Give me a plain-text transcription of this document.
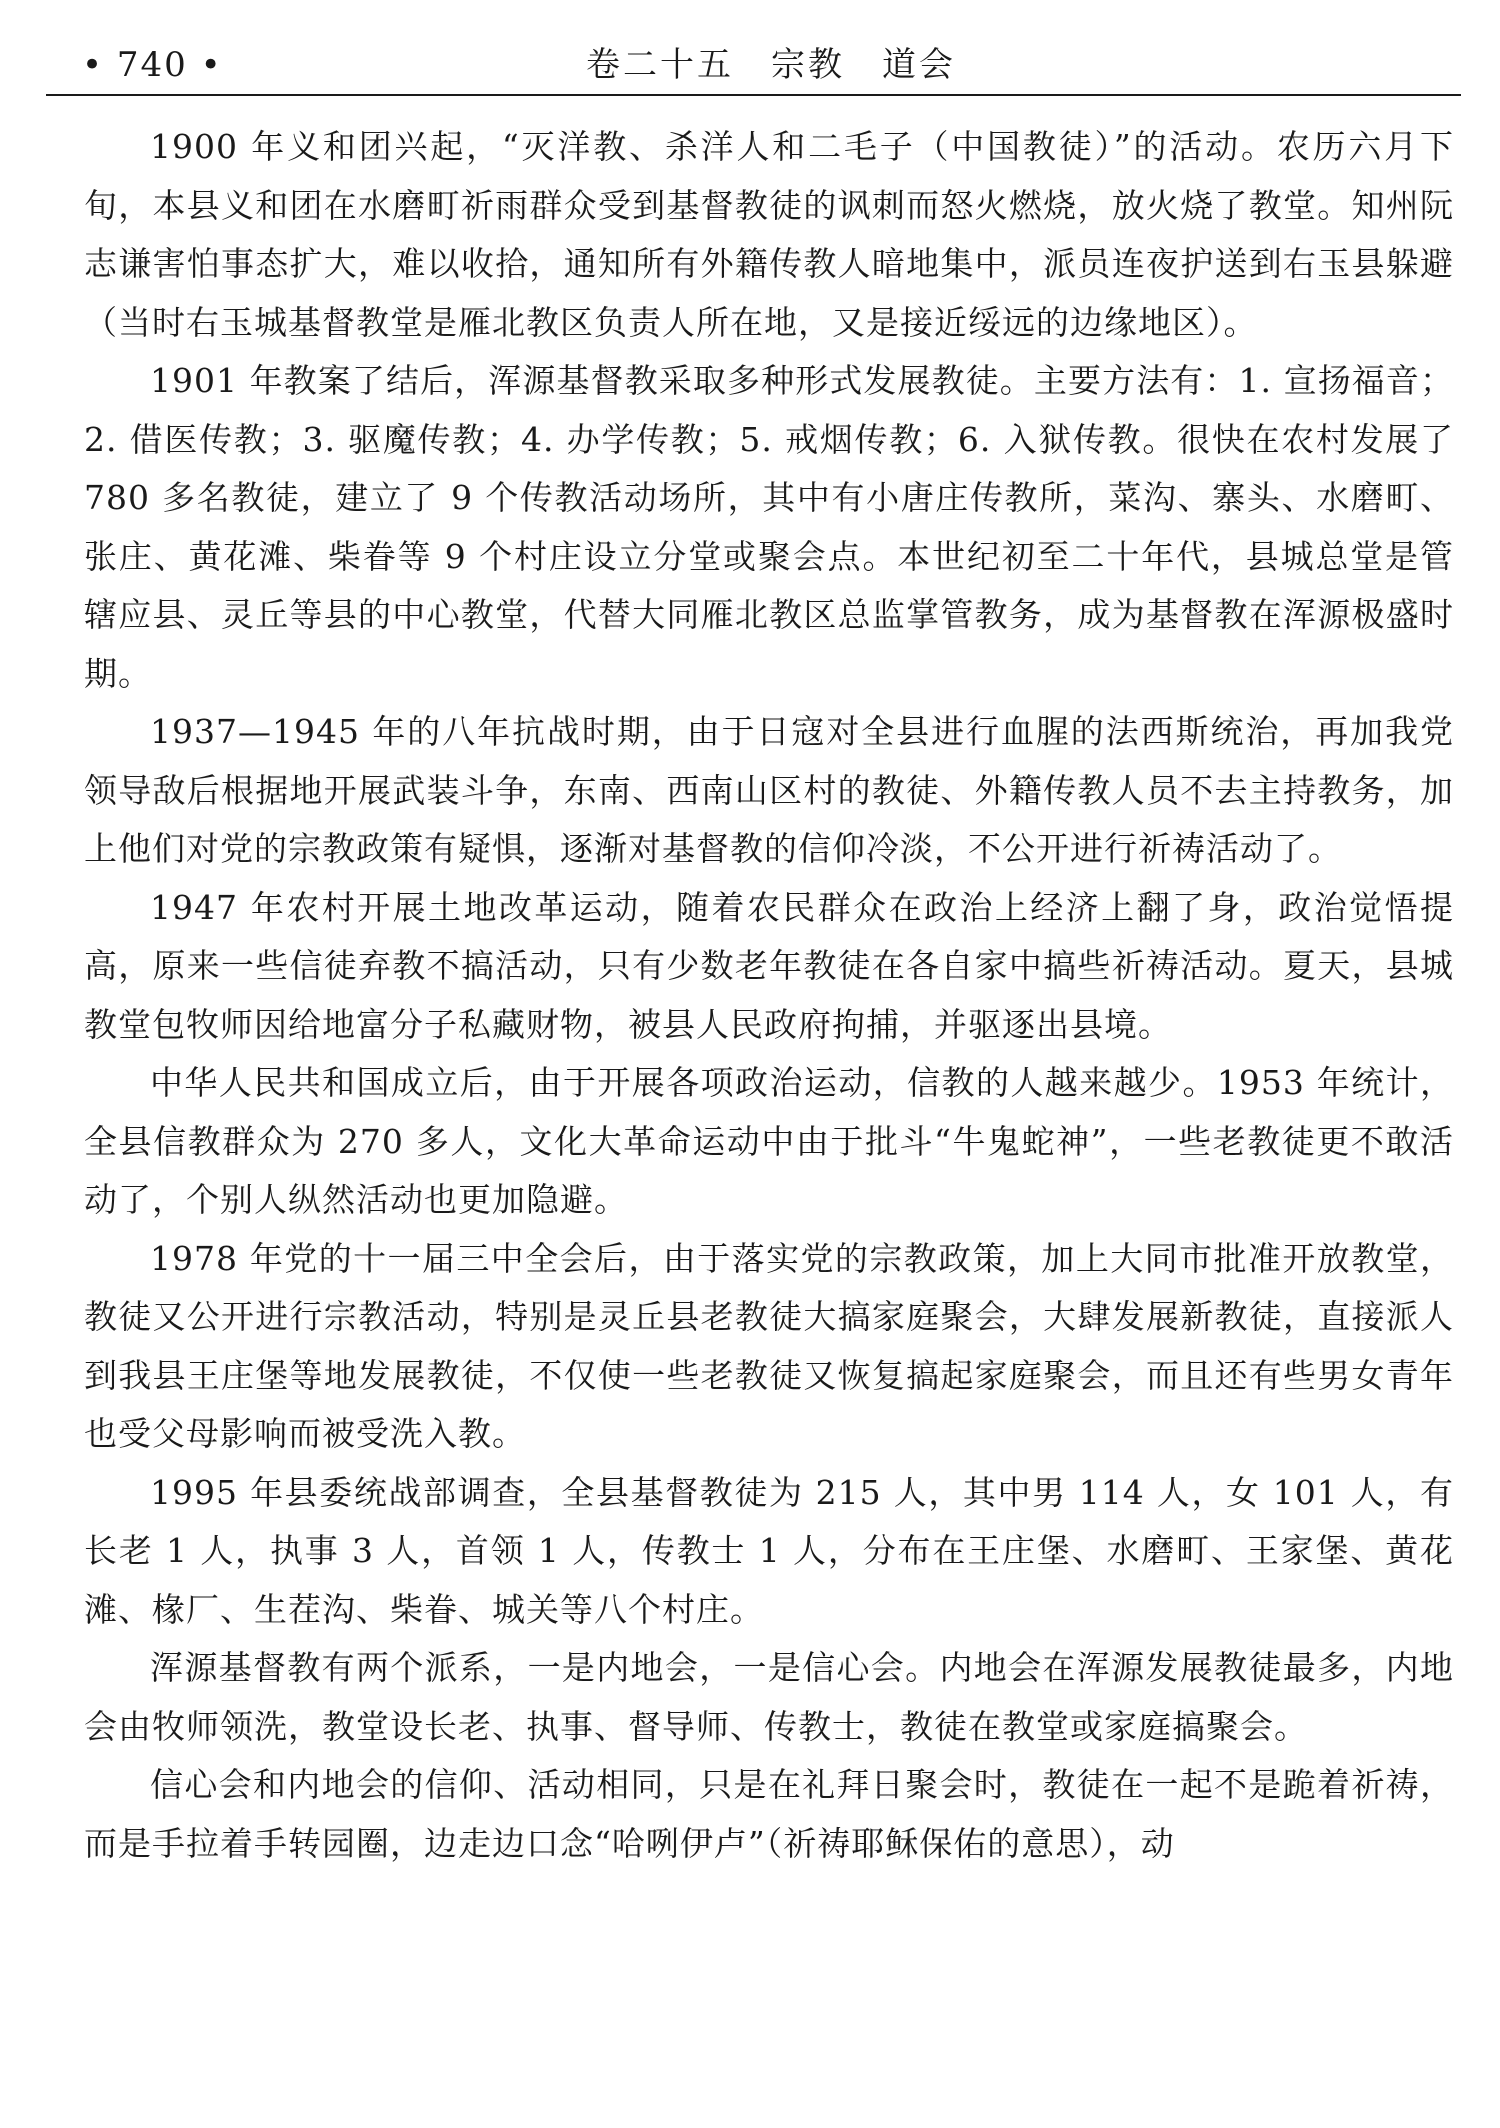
• 740 •	卷二十五　宗教　道会

1900 年义和团兴起，“灭洋教、杀洋人和二毛子（中国教徒）”的活动。农历六月下旬，本县义和团在水磨町祈雨群众受到基督教徒的讽刺而怒火燃烧，放火烧了教堂。知州阮志谦害怕事态扩大，难以收拾，通知所有外籍传教人暗地集中，派员连夜护送到右玉县躲避（当时右玉城基督教堂是雁北教区负责人所在地，又是接近绥远的边缘地区）。

1901 年教案了结后，浑源基督教采取多种形式发展教徒。主要方法有：1. 宣扬福音；2. 借医传教；3. 驱魔传教；4. 办学传教；5. 戒烟传教；6. 入狱传教。很快在农村发展了 780 多名教徒，建立了 9 个传教活动场所，其中有小唐庄传教所，菜沟、寨头、水磨町、张庄、黄花滩、柴眷等 9 个村庄设立分堂或聚会点。本世纪初至二十年代，县城总堂是管辖应县、灵丘等县的中心教堂，代替大同雁北教区总监掌管教务，成为基督教在浑源极盛时期。

1937—1945 年的八年抗战时期，由于日寇对全县进行血腥的法西斯统治，再加我党领导敌后根据地开展武装斗争，东南、西南山区村的教徒、外籍传教人员不去主持教务，加上他们对党的宗教政策有疑惧，逐渐对基督教的信仰冷淡，不公开进行祈祷活动了。

1947 年农村开展土地改革运动，随着农民群众在政治上经济上翻了身，政治觉悟提高，原来一些信徒弃教不搞活动，只有少数老年教徒在各自家中搞些祈祷活动。夏天，县城教堂包牧师因给地富分子私藏财物，被县人民政府拘捕，并驱逐出县境。

中华人民共和国成立后，由于开展各项政治运动，信教的人越来越少。1953 年统计，全县信教群众为 270 多人，文化大革命运动中由于批斗“牛鬼蛇神”，一些老教徒更不敢活动了，个别人纵然活动也更加隐避。

1978 年党的十一届三中全会后，由于落实党的宗教政策，加上大同市批准开放教堂，教徒又公开进行宗教活动，特别是灵丘县老教徒大搞家庭聚会，大肆发展新教徒，直接派人到我县王庄堡等地发展教徒，不仅使一些老教徒又恢复搞起家庭聚会，而且还有些男女青年也受父母影响而被受洗入教。

1995 年县委统战部调查，全县基督教徒为 215 人，其中男 114 人，女 101 人，有长老 1 人，执事 3 人，首领 1 人，传教士 1 人，分布在王庄堡、水磨町、王家堡、黄花滩、椽厂、生茬沟、柴眷、城关等八个村庄。

浑源基督教有两个派系，一是内地会，一是信心会。内地会在浑源发展教徒最多，内地会由牧师领洗，教堂设长老、执事、督导师、传教士，教徒在教堂或家庭搞聚会。

信心会和内地会的信仰、活动相同，只是在礼拜日聚会时，教徒在一起不是跪着祈祷，而是手拉着手转园圈，边走边口念“哈咧伊卢”（祈祷耶稣保佑的意思），动
